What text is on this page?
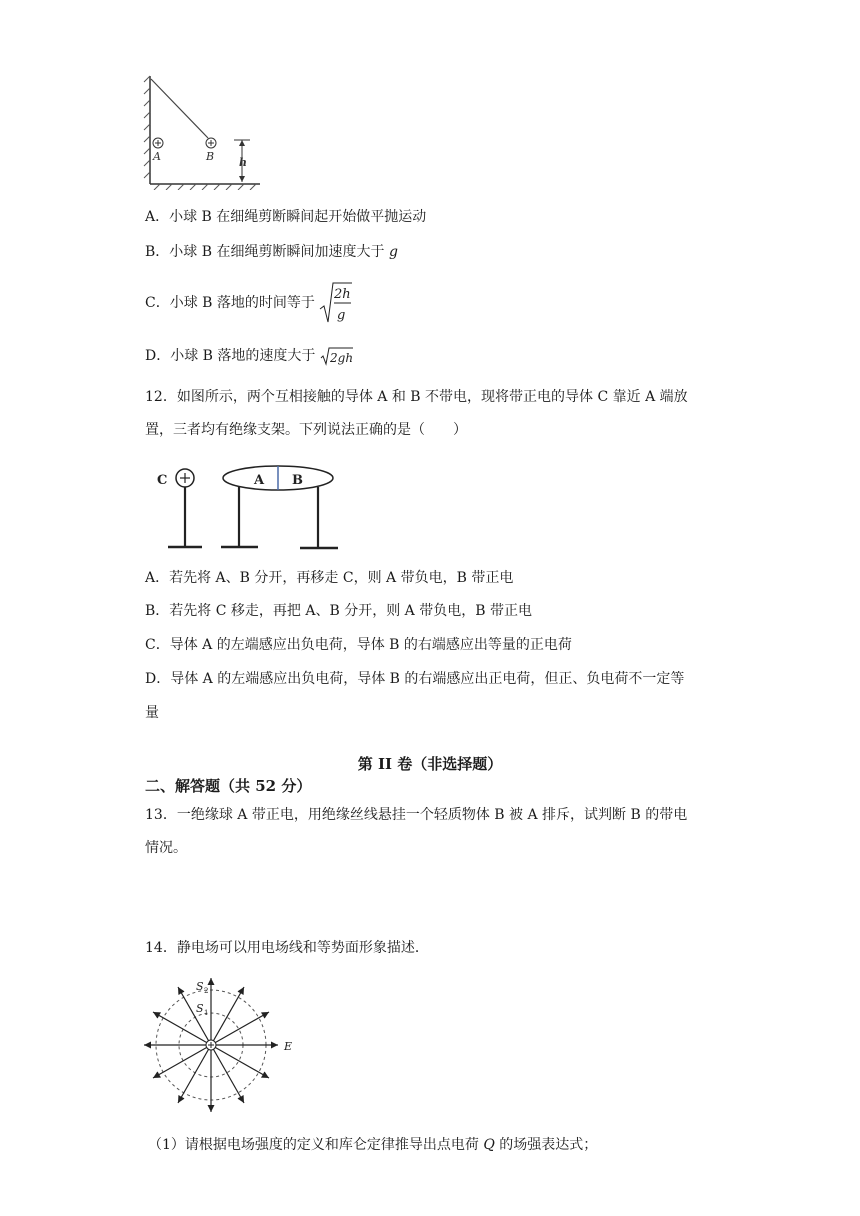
A	B h
A．小球 B 在细绳剪断瞬间起开始做平抛运动
B．小球 B 在细绳剪断瞬间加速度大于 g
C．小球 B 落地的时间等于
2h
g
D．小球 B 落地的速度大于 2gh
12．如图所示，两个互相接触的导体 A 和 B 不带电，现将带正电的导体 C 靠近 A 端放
置，三者均有绝缘支架。下列说法正确的是（　　）
C	A B
A．若先将 A、B 分开，再移走 C，则 A 带负电，B 带正电
B．若先将 C 移走，再把 A、B 分开，则 A 带负电，B 带正电
C．导体 A 的左端感应出负电荷，导体 B 的右端感应出等量的正电荷
D．导体 A 的左端感应出负电荷，导体 B 的右端感应出正电荷，但正、负电荷不一定等
量
第 II 卷（非选择题）
二、解答题（共 52 分）
13．一绝缘球 A 带正电，用绝缘丝线悬挂一个轻质物体 B 被 A 排斥，试判断 B 的带电
情况。
14．静电场可以用电场线和等势面形象描述．
S 2
S 1
E
（1）请根据电场强度的定义和库仑定律推导出点电荷 Q 的场强表达式；
